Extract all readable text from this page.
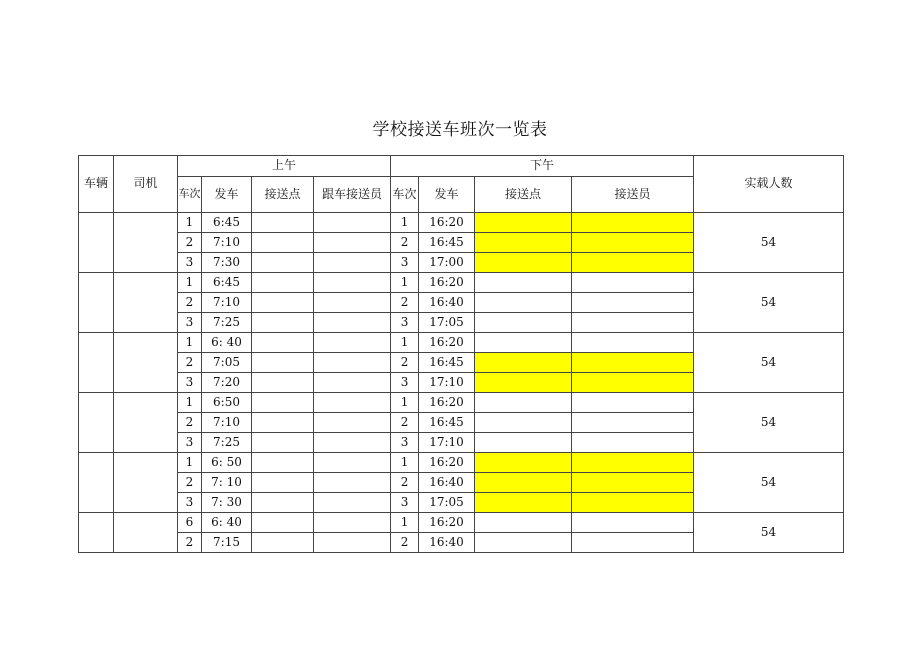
学校接送车班次一览表
车辆	司机	上午				下午				实载人数
		车次	发车	接送点	跟车接送员	车次	发车	接送点	接送员	
		1	6:45			1	16:20			54
		2	7:10			2	16:45			
		3	7:30			3	17:00			
		1	6:45			1	16:20			54
		2	7:10			2	16:40			
		3	7:25			3	17:05			
		1	6: 40			1	16:20			54
		2	7:05			2	16:45			
		3	7:20			3	17:10			
		1	6:50			1	16:20			54
		2	7:10			2	16:45			
		3	7:25			3	17:10			
		1	6: 50			1	16:20			54
		2	7: 10			2	16:40			
		3	7: 30			3	17:05			
		6	6: 40			1	16:20			54
		2	7:15			2	16:40			
